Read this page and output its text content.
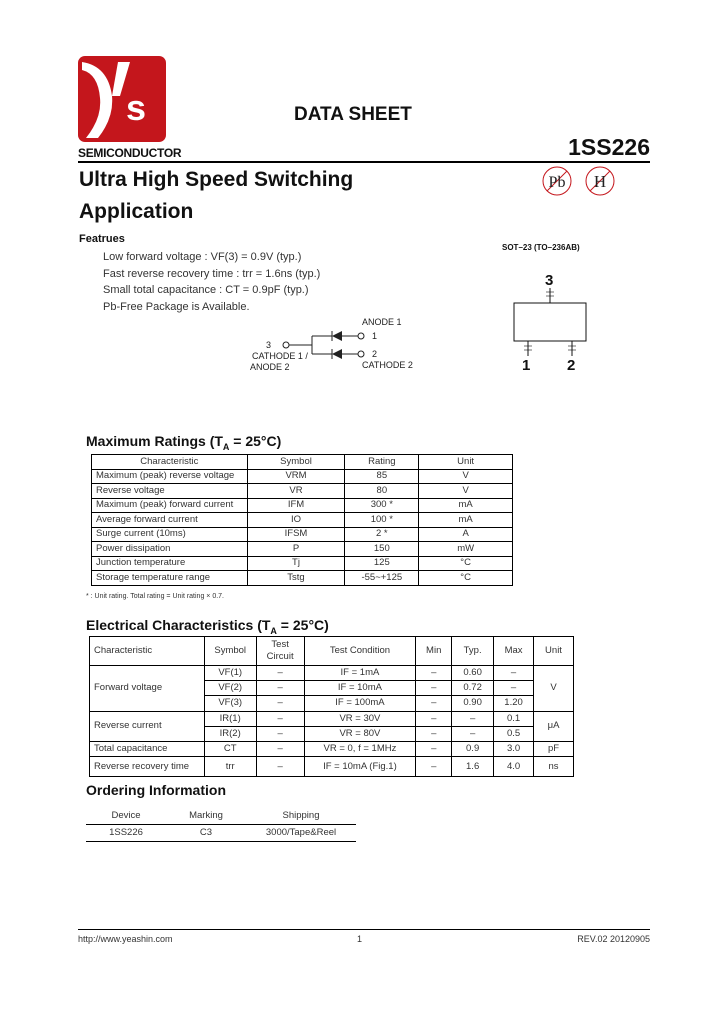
s
SEMICONDUCTOR
DATA SHEET
1SS226
Ultra High Speed Switching
Application
Pb H
Featrues
Low forward voltage : VF(3) = 0.9V (typ.)
Fast reverse recovery time : trr = 1.6ns (typ.)
Small total capacitance : CT = 0.9pF (typ.)
Pb-Free Package is Available.
3
ANODE 1
1
2
CATHODE 1 /
ANODE 2	CATHODE 2
SOT–23 (TO–236AB)
3
1 2
Maximum Ratings $(T_A = 25^\circ C)$
Characteristic	Symbol	Rating	Unit
Maximum (peak) reverse voltage	VRM	85	V
Reverse voltage	VR	80	V
Maximum (peak) forward current	IFM	300 *	mA
Average forward current	IO	100 *	mA
Surge current (10ms)	IFSM	2 *	A
Power dissipation	P	150	mW
Junction temperature	Tj	125	°C
Storage temperature range	Tstg	-55~+125	°C
* : Unit rating. Total rating = Unit rating × 0.7.
Electrical Characteristics $(T_A = 25^\circ C)$
Characteristic	Symbol	Test Circuit	Test Condition	Min	Typ.	Max	Unit
Forward voltage	VF(1)	–	IF = 1mA	–	0.60	–	V
	VF(2)	–	IF = 10mA	–	0.72	–	
	VF(3)	–	IF = 100mA	–	0.90	1.20	
Reverse current	IR(1)	–	VR = 30V	–	–	0.1	μA
	IR(2)	–	VR = 80V	–	–	0.5	
Total capacitance	CT	–	VR = 0, f = 1MHz	–	0.9	3.0	pF
Reverse recovery time	trr	–	IF = 10mA (Fig.1)	–	1.6	4.0	ns
Ordering Information
Device	Marking	Shipping
1SS226	C3	3000/Tape&Reel
http://www.yeashin.com	1	REV.02 20120905
